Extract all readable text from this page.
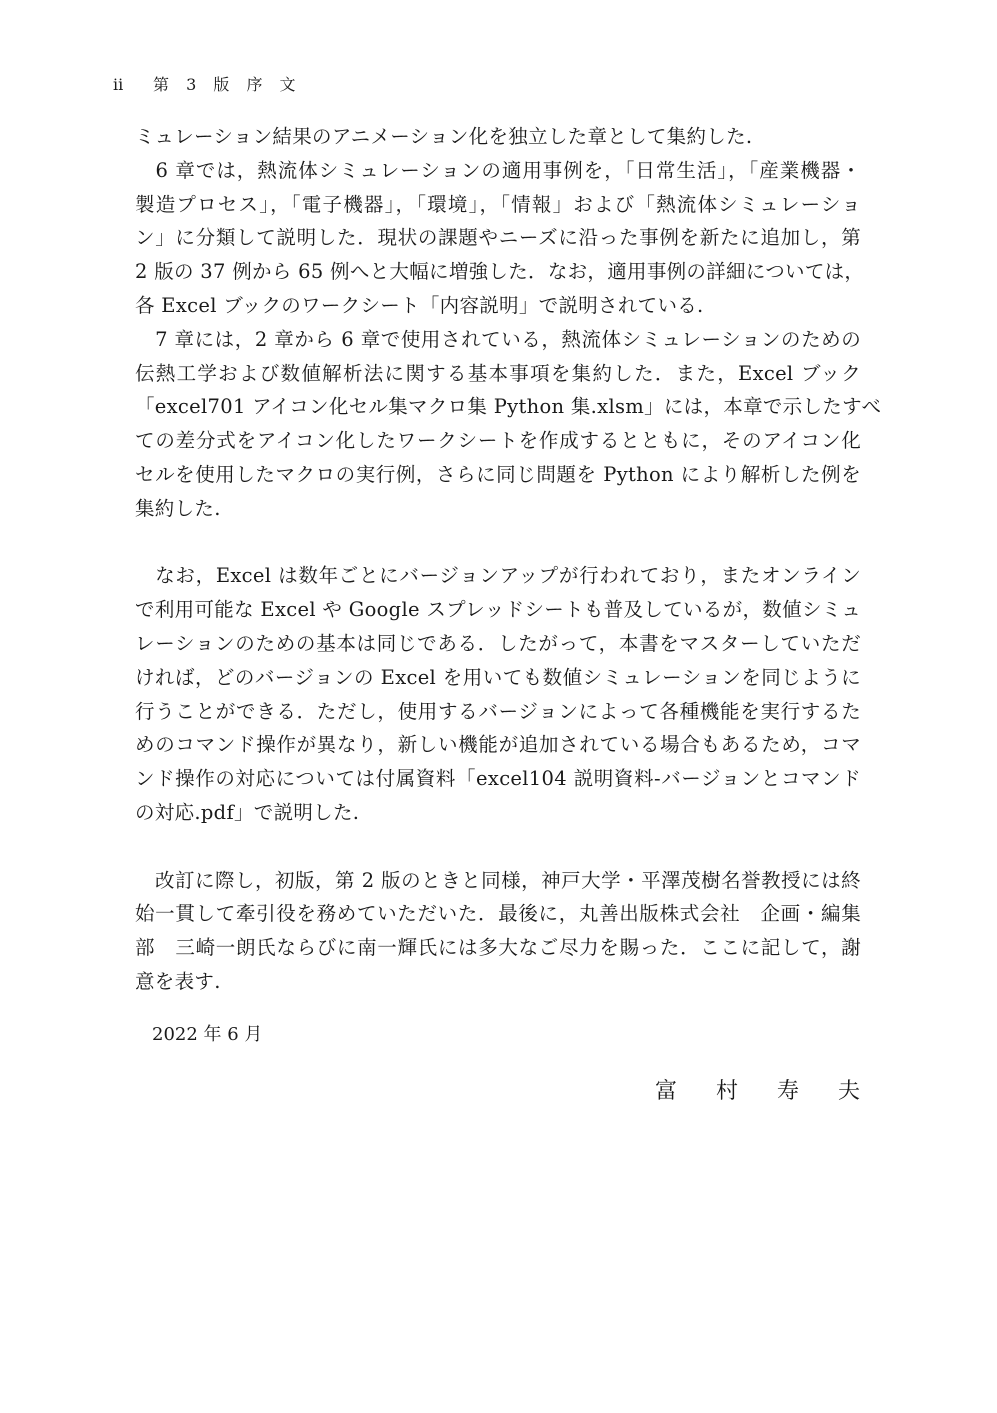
ii 第 3 版 序 文
ミュレーション結果のアニメーション化を独立した章として集約した.
　6 章では，熱流体シミュレーションの適用事例を，「日常生活」，「産業機器・
製造プロセス」，「電子機器」，「環境」，「情報」および「熱流体シミュレーショ
ン」に分類して説明した．現状の課題やニーズに沿った事例を新たに追加し，第
2 版の 37 例から 65 例へと大幅に増強した．なお，適用事例の詳細については，
各 Excel ブックのワークシート「内容説明」で説明されている.
　7 章には，2 章から 6 章で使用されている，熱流体シミュレーションのための
伝熱工学および数値解析法に関する基本事項を集約した．また，Excel ブック
「excel701 アイコン化セル集マクロ集 Python 集.xlsm」には，本章で示したすべ
ての差分式をアイコン化したワークシートを作成するとともに，そのアイコン化
セルを使用したマクロの実行例，さらに同じ問題を Python により解析した例を
集約した.
　なお，Excel は数年ごとにバージョンアップが行われており，またオンライン
で利用可能な Excel や Google スプレッドシートも普及しているが，数値シミュ
レーションのための基本は同じである．したがって，本書をマスターしていただ
ければ，どのバージョンの Excel を用いても数値シミュレーションを同じように
行うことができる．ただし，使用するバージョンによって各種機能を実行するた
めのコマンド操作が異なり，新しい機能が追加されている場合もあるため，コマ
ンド操作の対応については付属資料「excel104 説明資料-バージョンとコマンド
の対応.pdf」で説明した.
　改訂に際し，初版，第 2 版のときと同様，神戸大学・平澤茂樹名誉教授には終
始一貫して牽引役を務めていただいた．最後に，丸善出版株式会社　企画・編集
部　三崎一朗氏ならびに南一輝氏には多大なご尽力を賜った．ここに記して，謝
意を表す.
2022 年 6 月
富 村 寿 夫
